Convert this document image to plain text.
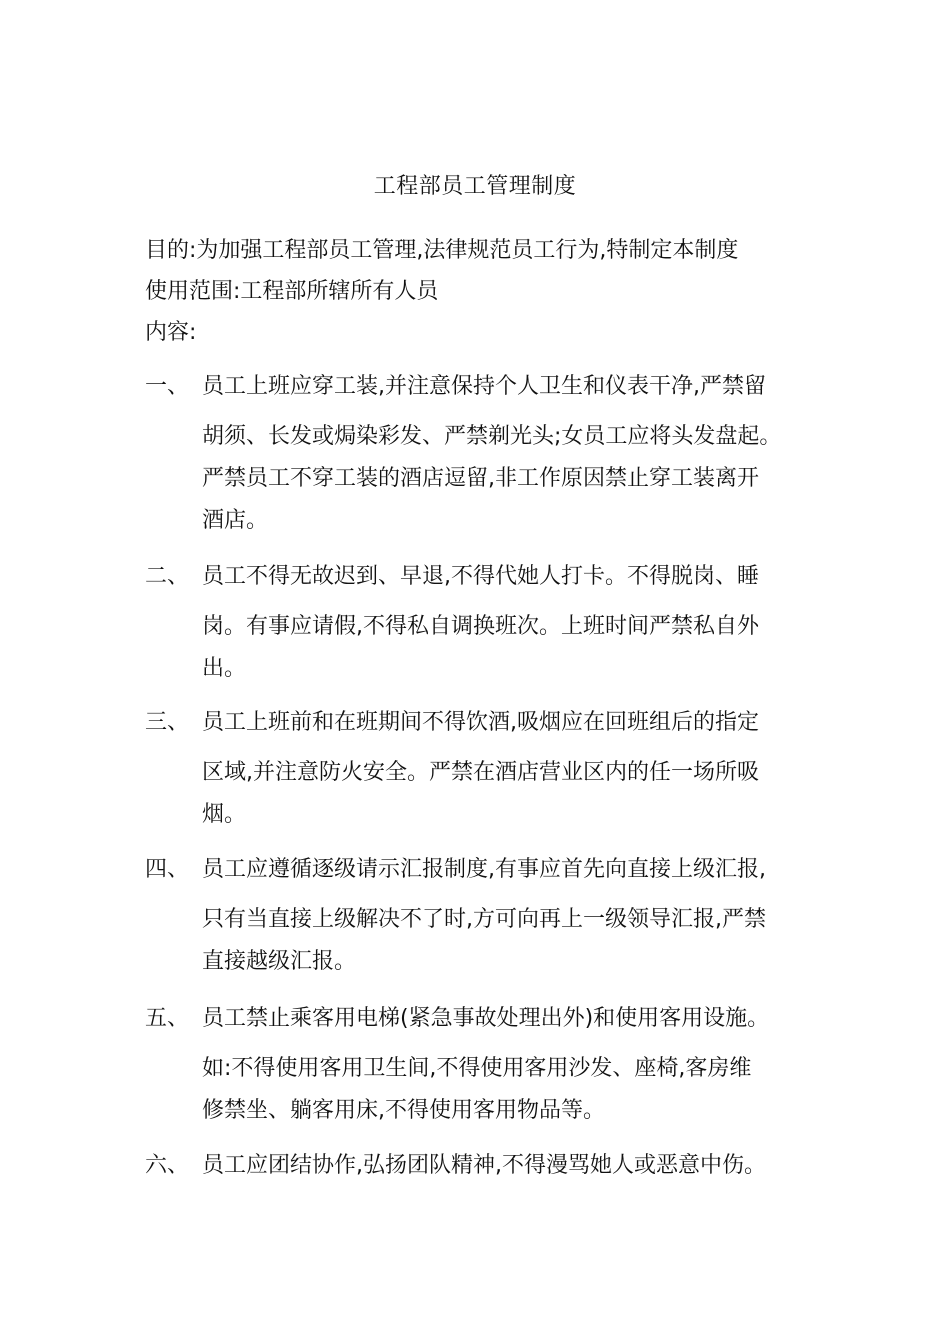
工程部员工管理制度
目的:为加强工程部员工管理,法律规范员工行为,特制定本制度
使用范围:工程部所辖所有人员
内容:
一、 员工上班应穿工装,并注意保持个人卫生和仪表干净,严禁留
胡须、长发或焗染彩发、严禁剃光头;女员工应将头发盘起。
严禁员工不穿工装的酒店逗留,非工作原因禁止穿工装离开
酒店。
二、 员工不得无故迟到、早退,不得代她人打卡。不得脱岗、睡
岗。有事应请假,不得私自调换班次。上班时间严禁私自外
出。
三、 员工上班前和在班期间不得饮酒,吸烟应在回班组后的指定
区域,并注意防火安全。严禁在酒店营业区内的任一场所吸
烟。
四、 员工应遵循逐级请示汇报制度,有事应首先向直接上级汇报,
只有当直接上级解决不了时,方可向再上一级领导汇报,严禁
直接越级汇报。
五、 员工禁止乘客用电梯(紧急事故处理出外)和使用客用设施。
如:不得使用客用卫生间,不得使用客用沙发、座椅,客房维
修禁坐、躺客用床,不得使用客用物品等。
六、 员工应团结协作,弘扬团队精神,不得漫骂她人或恶意中伤。
